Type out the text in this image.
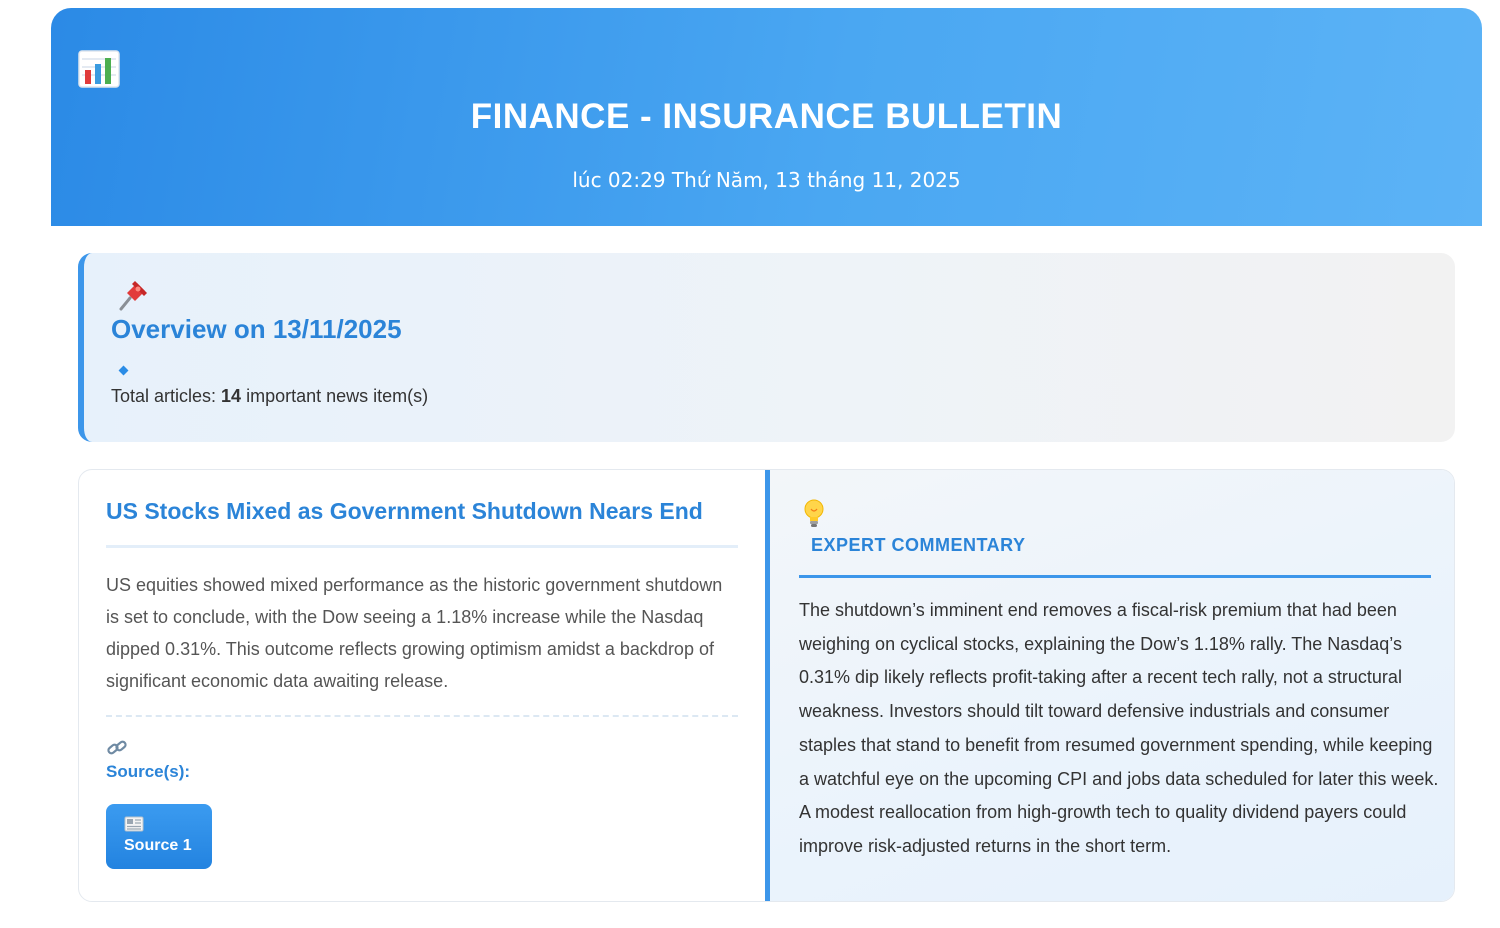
FINANCE - INSURANCE BULLETIN
lúc 02:29 Thứ Năm, 13 tháng 11, 2025
Overview on 13/11/2025
Total articles: 14 important news item(s)
US Stocks Mixed as Government Shutdown Nears End

US equities showed mixed performance as the historic government shutdown is set to conclude, with the Dow seeing a 1.18% increase while the Nasdaq dipped 0.31%. This outcome reflects growing optimism amidst a backdrop of significant economic data awaiting release.

Source(s):
Source 1
EXPERT COMMENTARY

The shutdown’s imminent end removes a fiscal-risk premium that had been weighing on cyclical stocks, explaining the Dow’s 1.18% rally. The Nasdaq’s 0.31% dip likely reflects profit-taking after a recent tech rally, not a structural weakness. Investors should tilt toward defensive industrials and consumer staples that stand to benefit from resumed government spending, while keeping a watchful eye on the upcoming CPI and jobs data scheduled for later this week. A modest reallocation from high-growth tech to quality dividend payers could improve risk-adjusted returns in the short term.
